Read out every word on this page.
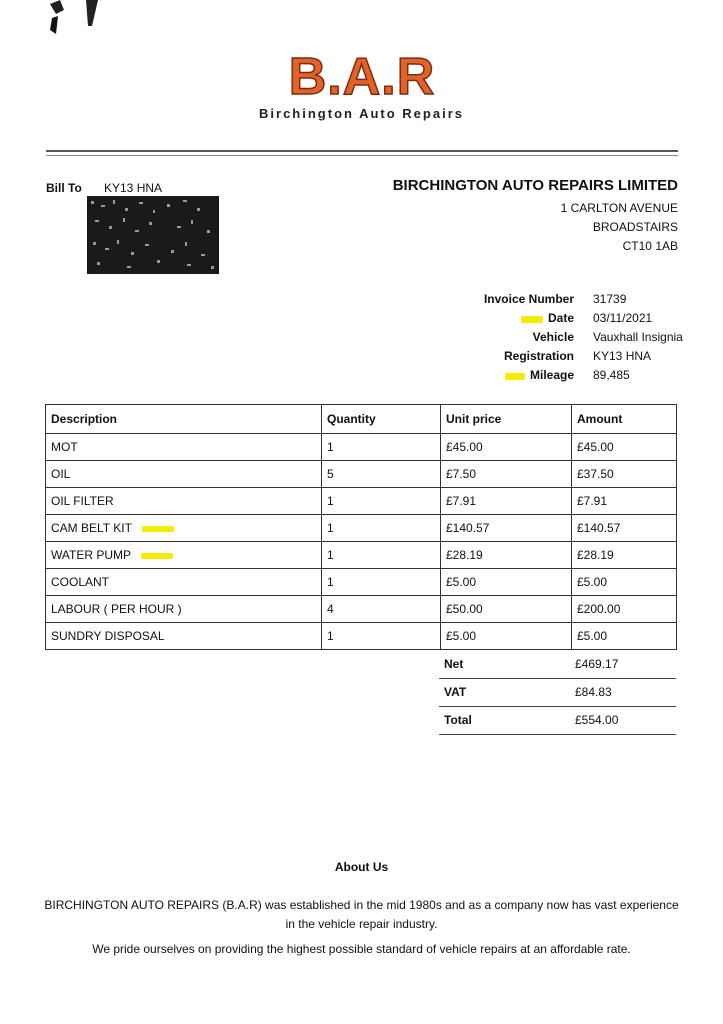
B.A.R
Birchington Auto Repairs
Bill To KY13 HNA	BIRCHINGTON AUTO REPAIRS LIMITED
1 CARLTON AVENUE
BROADSTAIRS
CT10 1AB
Invoice Number 31739
Date 03/11/2021
Vehicle Vauxhall Insignia
Registration KY13 HNA
Mileage 89,485
Description	Quantity	Unit price	Amount
MOT	1	£45.00	£45.00
OIL	5	£7.50	£37.50
OIL FILTER	1	£7.91	£7.91
CAM BELT KIT	1	£140.57	£140.57
WATER PUMP	1	£28.19	£28.19
COOLANT	1	£5.00	£5.00
LABOUR ( PER HOUR )	4	£50.00	£200.00
SUNDRY DISPOSAL	1	£5.00	£5.00
Net	£469.17
VAT	£84.83
Total	£554.00
About Us
BIRCHINGTON AUTO REPAIRS (B.A.R) was established in the mid 1980s and as a company now has vast experience in the vehicle repair industry.
We pride ourselves on providing the highest possible standard of vehicle repairs at an affordable rate.
